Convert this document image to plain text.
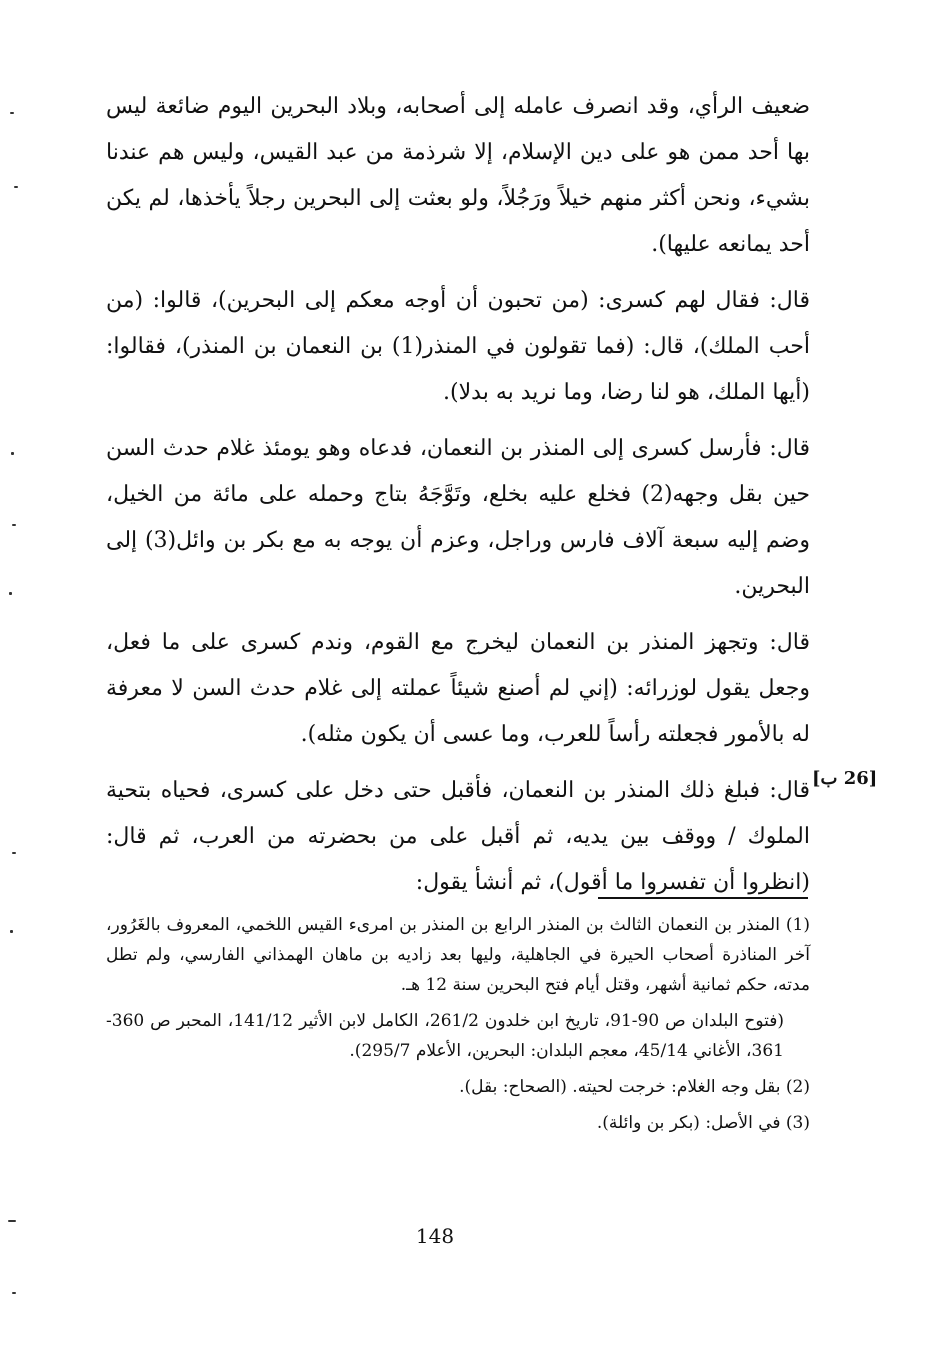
ضعيف الرأي، وقد انصرف عامله إلى أصحابه، وبلاد البحرين اليوم ضائعة ليس بها أحد ممن هو على دين الإسلام، إلا شرذمة من عبد القيس، وليس هم عندنا بشيء، ونحن أكثر منهم خيلاً ورَجُلاً، ولو بعثت إلى البحرين رجلاً يأخذها، لم يكن أحد يمانعه عليها).

قال: فقال لهم كسرى: (من تحبون أن أوجه معكم إلى البحرين)، قالوا: (من أحب الملك)، قال: (فما تقولون في المنذر(1) بن النعمان بن المنذر)، فقالوا: (أيها الملك، هو لنا رضا، وما نريد به بدلا).

قال: فأرسل كسرى إلى المنذر بن النعمان، فدعاه وهو يومئذ غلام حدث السن حين بقل وجهه(2) فخلع عليه بخلع، وتَوَّجَهُ بتاج وحمله على مائة من الخيل، وضم إليه سبعة آلاف فارس وراجل، وعزم أن يوجه به مع بكر بن وائل(3) إلى البحرين.

قال: وتجهز المنذر بن النعمان ليخرج مع القوم، وندم كسرى على ما فعل، وجعل يقول لوزرائه: (إني لم أصنع شيئاً عملته إلى غلام حدث السن لا معرفة له بالأمور فجعلته رأساً للعرب، وما عسى أن يكون مثله).

قال: فبلغ ذلك المنذر بن النعمان، فأقبل حتى دخل على كسرى، فحياه بتحية الملوك / ووقف بين يديه، ثم أقبل على من بحضرته من العرب، ثم قال: (انظروا أن تفسروا ما أقول)، ثم أنشأ يقول:

[26 ب]

(1) المنذر بن النعمان الثالث بن المنذر الرابع بن المنذر بن امرىء القيس اللخمي، المعروف بالغَرُور، آخر المناذرة أصحاب الحيرة في الجاهلية، وليها بعد زاديه بن ماهان الهمذاني الفارسي، ولم تطل مدته، حكم ثمانية أشهر، وقتل أيام فتح البحرين سنة 12 هـ.

(فتوح البلدان ص 90-91، تاريخ ابن خلدون 261/2، الكامل لابن الأثير 141/12، المحبر ص 360-361، الأغاني 45/14، معجم البلدان: البحرين، الأعلام 295/7).

(2) بقل وجه الغلام: خرجت لحيته. (الصحاح: بقل).

(3) في الأصل: (بكر بن وائلة).

148
